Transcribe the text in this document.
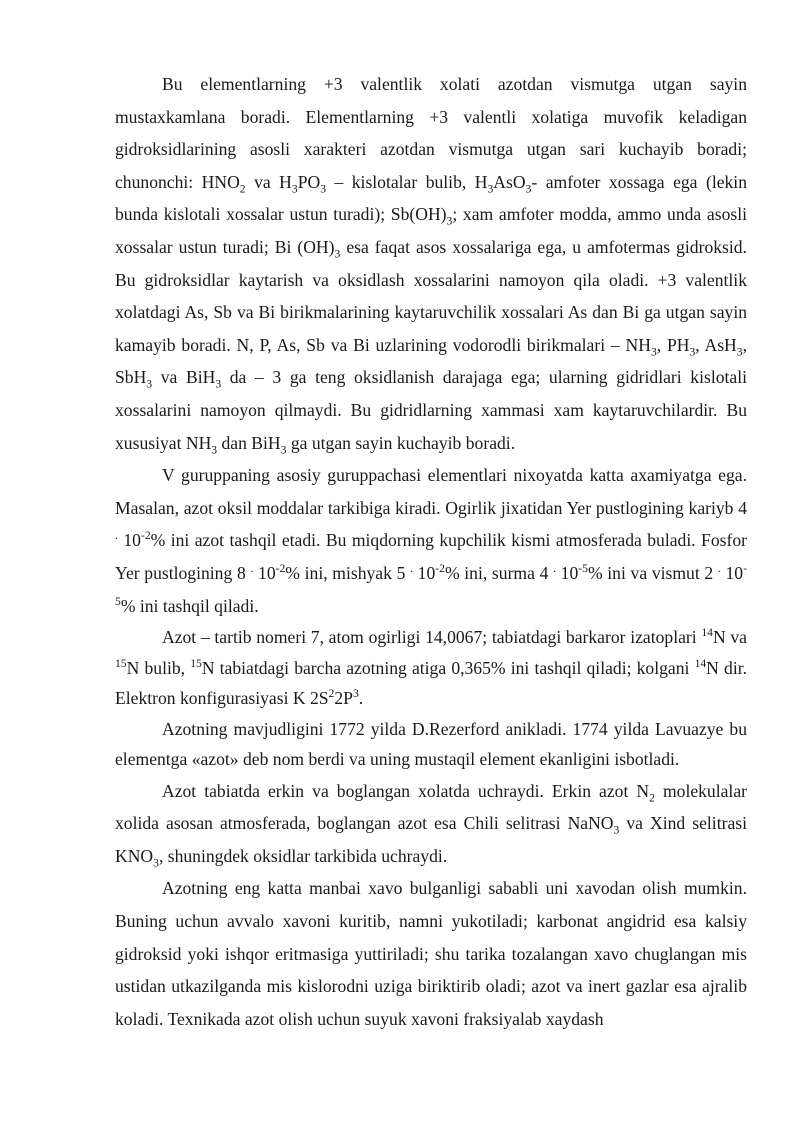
Bu elementlarning +3 valentlik xolati azotdan vismutga utgan sayin mustaxkamlana boradi. Elementlarning +3 valentli xolatiga muvofik keladigan gidroksidlarining asosli xarakteri azotdan vismutga utgan sari kuchayib boradi; chunonchi: $HNO_2$ va $H_3PO_3$ – kislotalar bulib, $H_3AsO_3-$ amfoter xossaga ega (lekin bunda kislotali xossalar ustun turadi); $Sb(OH)_3$; xam amfoter modda, ammo unda asosli xossalar ustun turadi; Bi $(OH)_3$ esa faqat asos xossalariga ega, u amfotermas gidroksid. Bu gidroksidlar kaytarish va oksidlash xossalarini namoyon qila oladi. +3 valentlik xolatdagi As, Sb va Bi birikmalarining kaytaruvchilik xossalari As dan Bi ga utgan sayin kamayib boradi. N, P, As, Sb va Bi uzlarining vodorodli birikmalari – $NH_3$, $PH_3$, AsH$_3$, SbH$_3$ va BiH$_3$ da – 3 ga teng oksidlanish darajaga ega; ularning gidridlari kislotali xossalarini namoyon qilmaydi. Bu gidridlarning xammasi xam kaytaruvchilardir. Bu xususiyat $NH_3$ dan BiH$_3$ ga utgan sayin kuchayib boradi.

V guruppaning asosiy guruppachasi elementlari nixoyatda katta axamiyatga ega. Masalan, azot oksil moddalar tarkibiga kiradi. Ogirlik jixatidan Yer pustlogining kariyb 4 . $10^{-2}\%$ ini azot tashqil etadi. Bu miqdorning kupchilik kismi atmosferada buladi. Fosfor Yer pustlogining 8 . $10^{-2}\%$ ini, mishyak 5 . $10^{-2}\%$ ini, surma 4 . $10^{-5}\%$ ini va vismut 2 . $10^{-5}\%$ ini tashqil qiladi.

Azot – tartib nomeri 7, atom ogirligi 14,0067; tabiatdagi barkaror izatoplari $^{14}$N va $^{15}$N bulib, $^{15}$N tabiatdagi barcha azotning atiga 0,365% ini tashqil qiladi; kolgani $^{14}$N dir. Elektron konfigurasiyasi K $2S^22P^3$.

Azotning mavjudligini 1772 yilda D.Rezerford anikladi. 1774 yilda Lavuazye bu elementga «azot» deb nom berdi va uning mustaqil element ekanligini isbotladi.

Azot tabiatda erkin va boglangan xolatda uchraydi. Erkin azot $N_2$ molekulalar xolida asosan atmosferada, boglangan azot esa Chili selitrasi NaNO$_3$ va Xind selitrasi $KNO_3$, shuningdek oksidlar tarkibida uchraydi.

Azotning eng katta manbai xavo bulganligi sababli uni xavodan olish mumkin. Buning uchun avvalo xavoni kuritib, namni yukotiladi; karbonat angidrid esa kalsiy gidroksid yoki ishqor eritmasiga yuttiriladi; shu tarika tozalangan xavo chuglangan mis ustidan utkazilganda mis kislorodni uziga biriktirib oladi; azot va inert gazlar esa ajralib koladi. Texnikada azot olish uchun suyuk xavoni fraksiyalab xaydash
